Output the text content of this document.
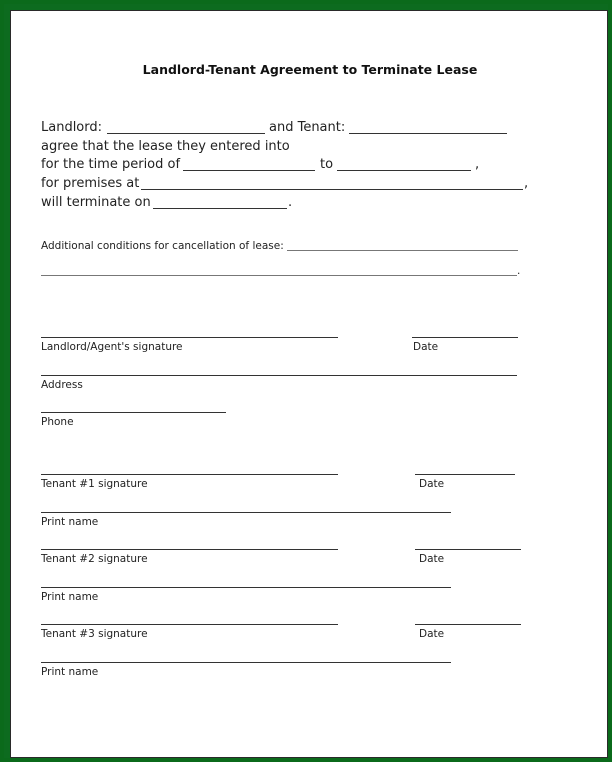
Landlord-Tenant Agreement to Terminate Lease
Landlord:	and Tenant:
agree that the lease they entered into
for the time period of	to	,
for premises at	,
will terminate on	.
Additional conditions for cancellation of lease:
.
Landlord/Agent's signature	Date
Address
Phone
Tenant #1 signature	Date
Print name
Tenant #2 signature	Date
Print name
Tenant #3 signature	Date
Print name
